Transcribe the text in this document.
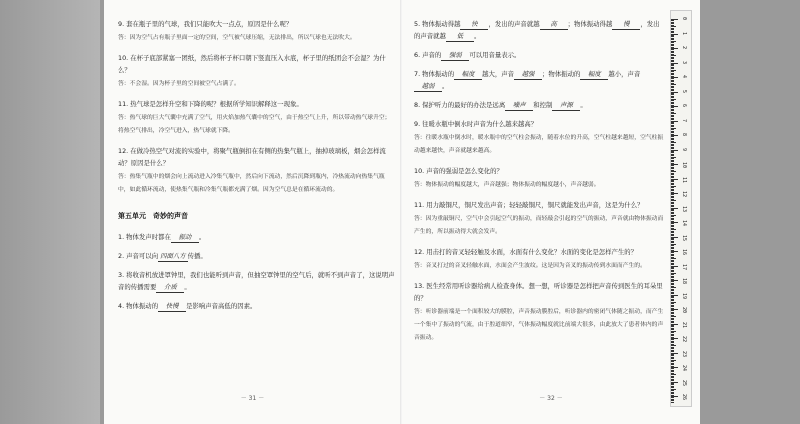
9. 套在瓶子里的气球，我们只能吹大一点点，原因是什么呢？

答：因为空气占有瓶子里面一定的空间，空气被气球压缩，无法排出，所以气球也无法吹大。

10. 在杯子底部紧塞一团纸，然后将杯子杯口朝下竖直压入水底，杯子里的纸团会不会湿？为什么？

答：不会湿。因为杯子里的空间被空气占满了。

11. 热气球是怎样升空和下降的呢？根据所学知识解释这一现象。

答：热气球的巨大气囊中充满了空气，用火焰加热气囊中的空气，由于热空气上升，所以带动热气球升空；将热空气排出，冷空气进入，热气球就下降。

12. 在做冷热空气对流的实验中，将聚气瓶倒扣在有侧的热集气瓶上，抽掉玻璃板，烟会怎样流动？原因是什么？

答：热集气瓶中的烟会向上流动进入冷集气瓶中，然后向下流动，然后沉降到瓶内，冷热流动向热集气瓶中，如此循环流动，使热集气瓶和冷集气瓶都充满了烟。因为空气总是在循环流动的。

第五单元　奇妙的声音
1. 物体发声时都在 振动 。
2. 声音可以向 四面八方 传播。
3. 将收音机放进罩钟里，我们也能听到声音，但抽空罩钟里的空气后，就听不到声音了，这说明声音的传播需要 介质 。
4. 物体振动的 快慢 是影响声音高低的因素。
－ 31 －
5. 物体振动得越 快 ，发出的声音就越 高 ；物体振动得越 慢 ，发出的声音就越 低 。
6. 声音的 强弱 可以用音量表示。
7. 物体振动的 幅度 越大，声音 越强 ；物体振动的 幅度 越小，声音越弱 。
8. 保护听力的最好的办法是远离 噪声 和控制 声源 。

9. 往暖水瓶中倒水时声音为什么越来越高？

答：往暖水瓶中倒水时，暖水瓶中的空气柱会振动，随着水位的升高，空气柱越来越短，空气柱振动越来越快，声音就越来越高。

10. 声音的强弱是怎么变化的？

答：物体振动的幅度越大，声音越强；物体振动的幅度越小，声音越弱。

11. 用力敲铜尺，铜尺发出声音；轻轻敲铜尺，铜尺就能发出声音，这是为什么？

答：因为重敲铜尺，空气中会引起空气的振动，而轻敲会引起的空气的振动，声音就由物体振动而产生的，所以振动得大就会发声。

12. 用击打的音叉轻轻触及水面，水面有什么变化？水面的变化是怎样产生的？

答：音叉打过的音叉轻触水面，水面会产生波纹。这是因为音叉的振动传到水面而产生的。

13. 医生经常用听诊器给病人检查身体。想一想，听诊器是怎样把声音传到医生的耳朵里的？

答：听诊器前端是一个面积较大的膜腔，声音振动膜腔后，听诊器内的密闭气体随之振动，而产生一个集中了振动的气流，由于腔道细窄，气体振动幅度就比前端大很多，由此放大了患者体内的声音振动。

－ 32 －
0
1
2
3
4
5
6
7
8
9
10
11
12
13
14
15
16
17
18
19
20
21
22
23
24
25
26
